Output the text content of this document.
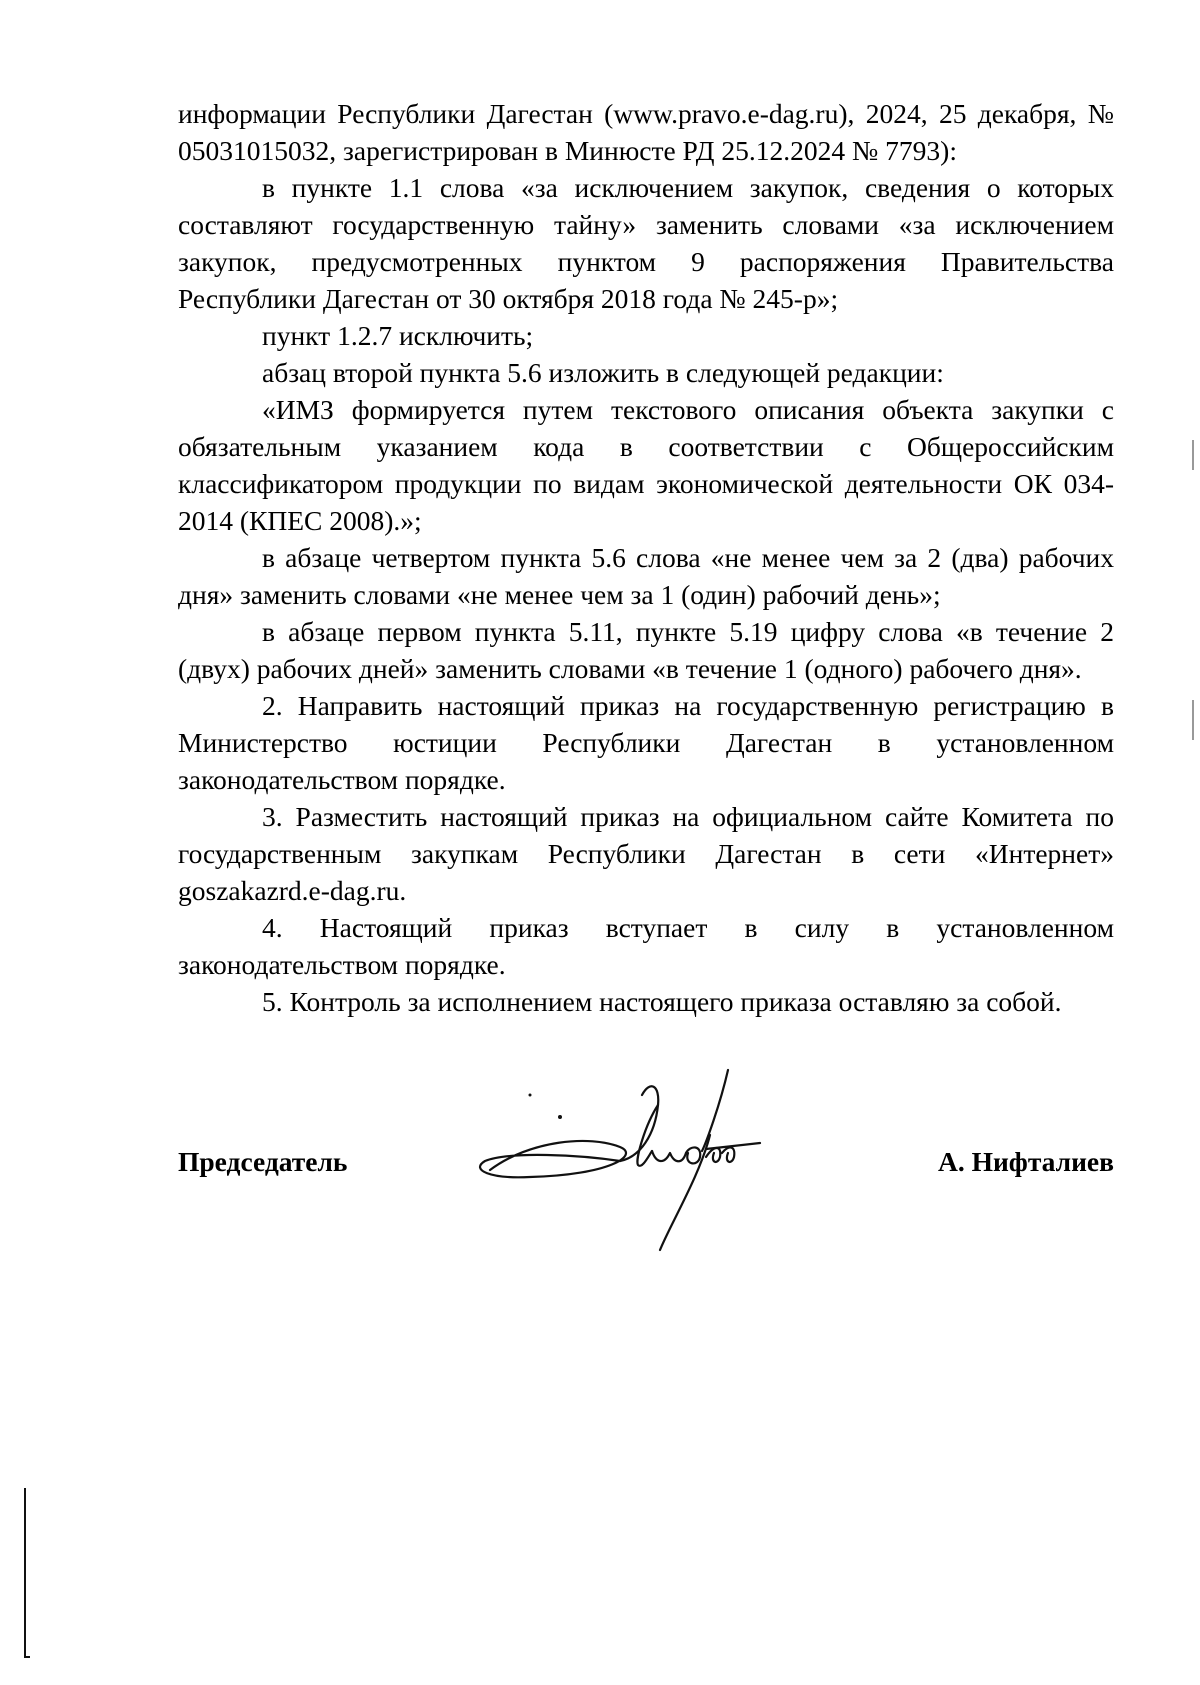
информации Республики Дагестан (www.pravo.e-dag.ru), 2024, 25 декабря, № 05031015032, зарегистрирован в Минюсте РД 25.12.2024 № 7793):

в пункте 1.1 слова «за исключением закупок, сведения о которых составляют государственную тайну» заменить словами «за исключением закупок, предусмотренных пунктом 9 распоряжения Правительства Республики Дагестан от 30 октября 2018 года № 245-р»;

пункт 1.2.7 исключить;

абзац второй пункта 5.6 изложить в следующей редакции:

«ИМЗ формируется путем текстового описания объекта закупки с обязательным указанием кода в соответствии с Общероссийским классификатором продукции по видам экономической деятельности ОК 034-2014 (КПЕС 2008).»;

в абзаце четвертом пункта 5.6 слова «не менее чем за 2 (два) рабочих дня» заменить словами «не менее чем за 1 (один) рабочий день»;

в абзаце первом пункта 5.11, пункте 5.19 цифру слова «в течение 2 (двух) рабочих дней» заменить словами «в течение 1 (одного) рабочего дня».

2. Направить настоящий приказ на государственную регистрацию в Министерство юстиции Республики Дагестан в установленном законодательством порядке.

3. Разместить настоящий приказ на официальном сайте Комитета по государственным закупкам Республики Дагестан в сети «Интернет» goszakazrd.e-dag.ru.

4. Настоящий приказ вступает в силу в установленном законодательством порядке.

5. Контроль за исполнением настоящего приказа оставляю за собой.

Председатель	А. Нифталиев
